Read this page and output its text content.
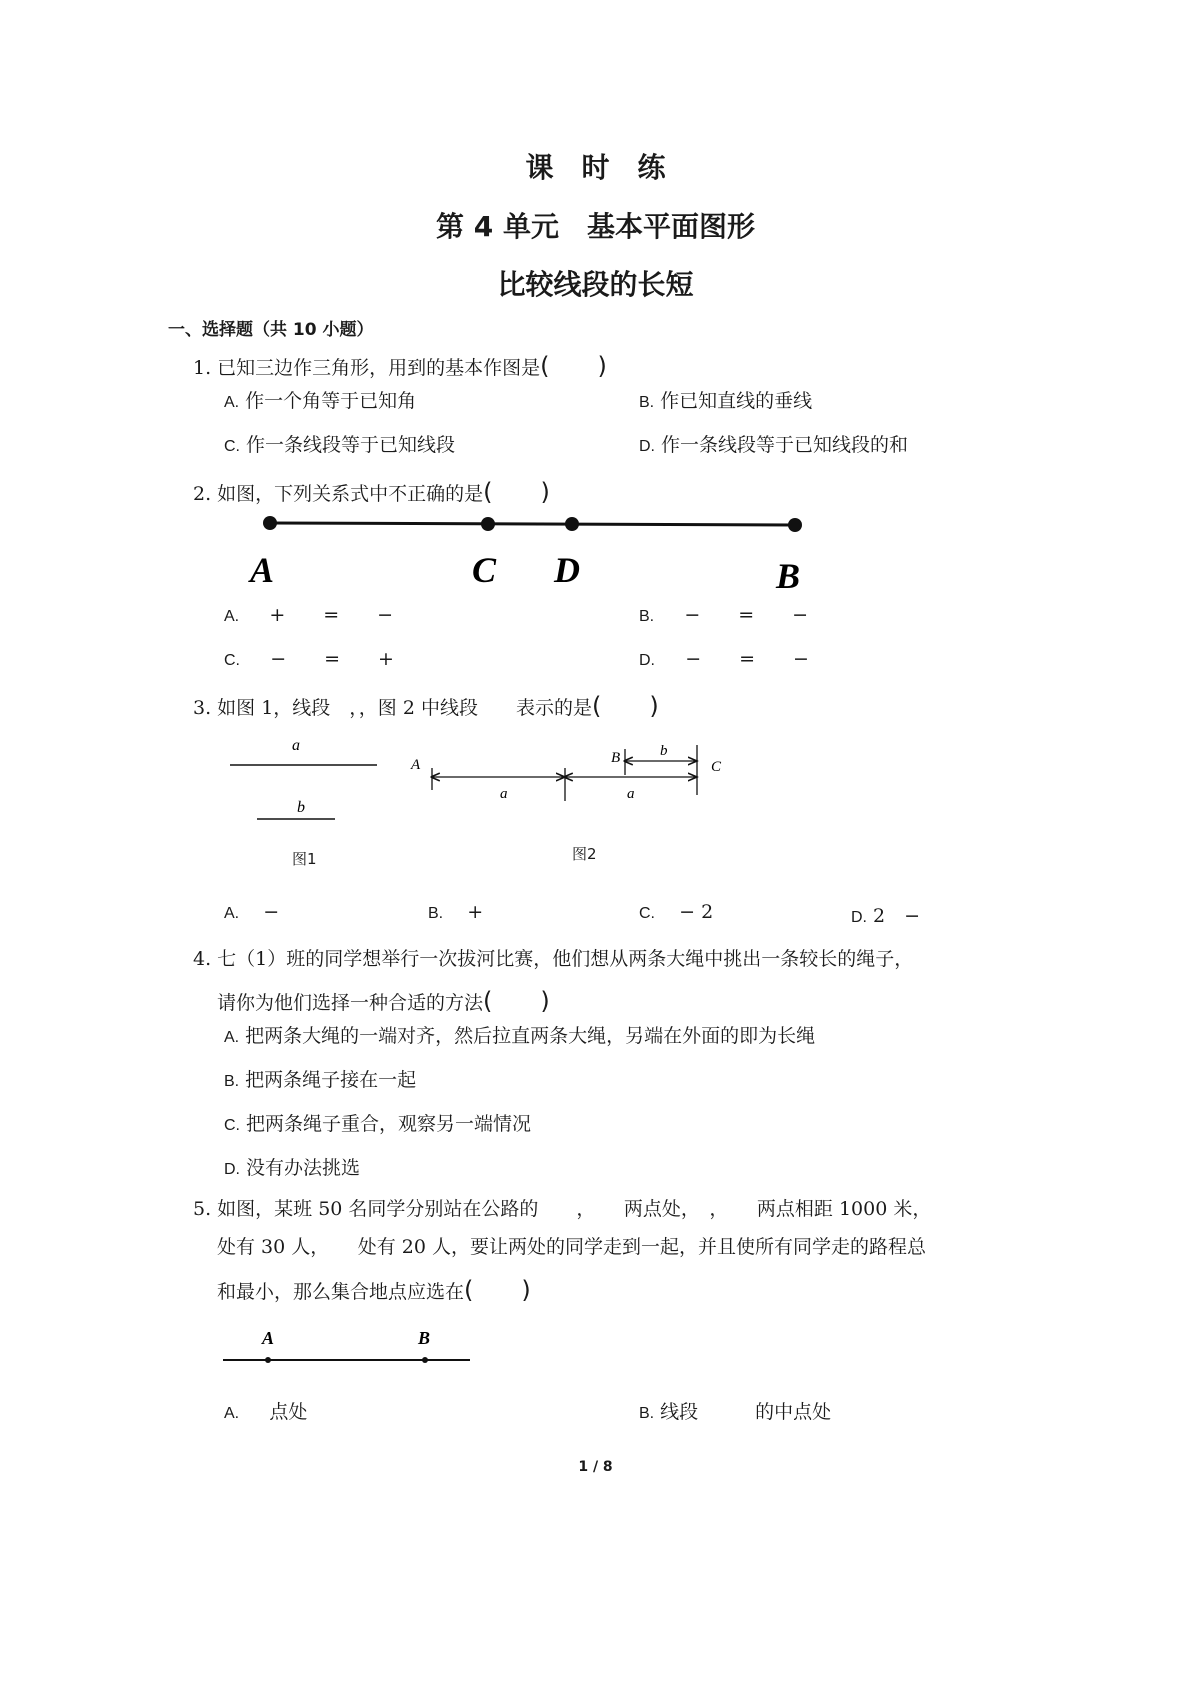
课　时　练
第 4 单元　基本平面图形
比较线段的长短
一、选择题（共 10 小题）
1. 已知三边作三角形，用到的基本作图是(　　)
A. 作一个角等于已知角	B. 作已知直线的垂线
C. 作一条线段等于已知线段	D. 作一条线段等于已知线段的和
2. 如图，下列关系式中不正确的是(　　)
A	C D	B
A. +　　=　　−	B. −　　=　　−
C. −　　=　　+	D. −　　=　　−
3. 如图 1，线段　，，图 2 中线段　　表示的是(　　)
a
b
图1
A	B
C
b
a	a
图2
A. −	B. +	C. − 2	D. 2　−
4. 七（1）班的同学想举行一次拔河比赛，他们想从两条大绳中挑出一条较长的绳子，
请你为他们选择一种合适的方法(　　)
A. 把两条大绳的一端对齐，然后拉直两条大绳，另端在外面的即为长绳
B. 把两条绳子接在一起
C. 把两条绳子重合，观察另一端情况
D. 没有办法挑选
5. 如图，某班 50 名同学分别站在公路的　　，　　两点处，　，　　两点相距 1000 米，
处有 30 人，　　处有 20 人，要让两处的同学走到一起，并且使所有同学走的路程总
和最小，那么集合地点应选在(　　)
A	B
A. 点处	B. 线段　　　的中点处
1 / 8
